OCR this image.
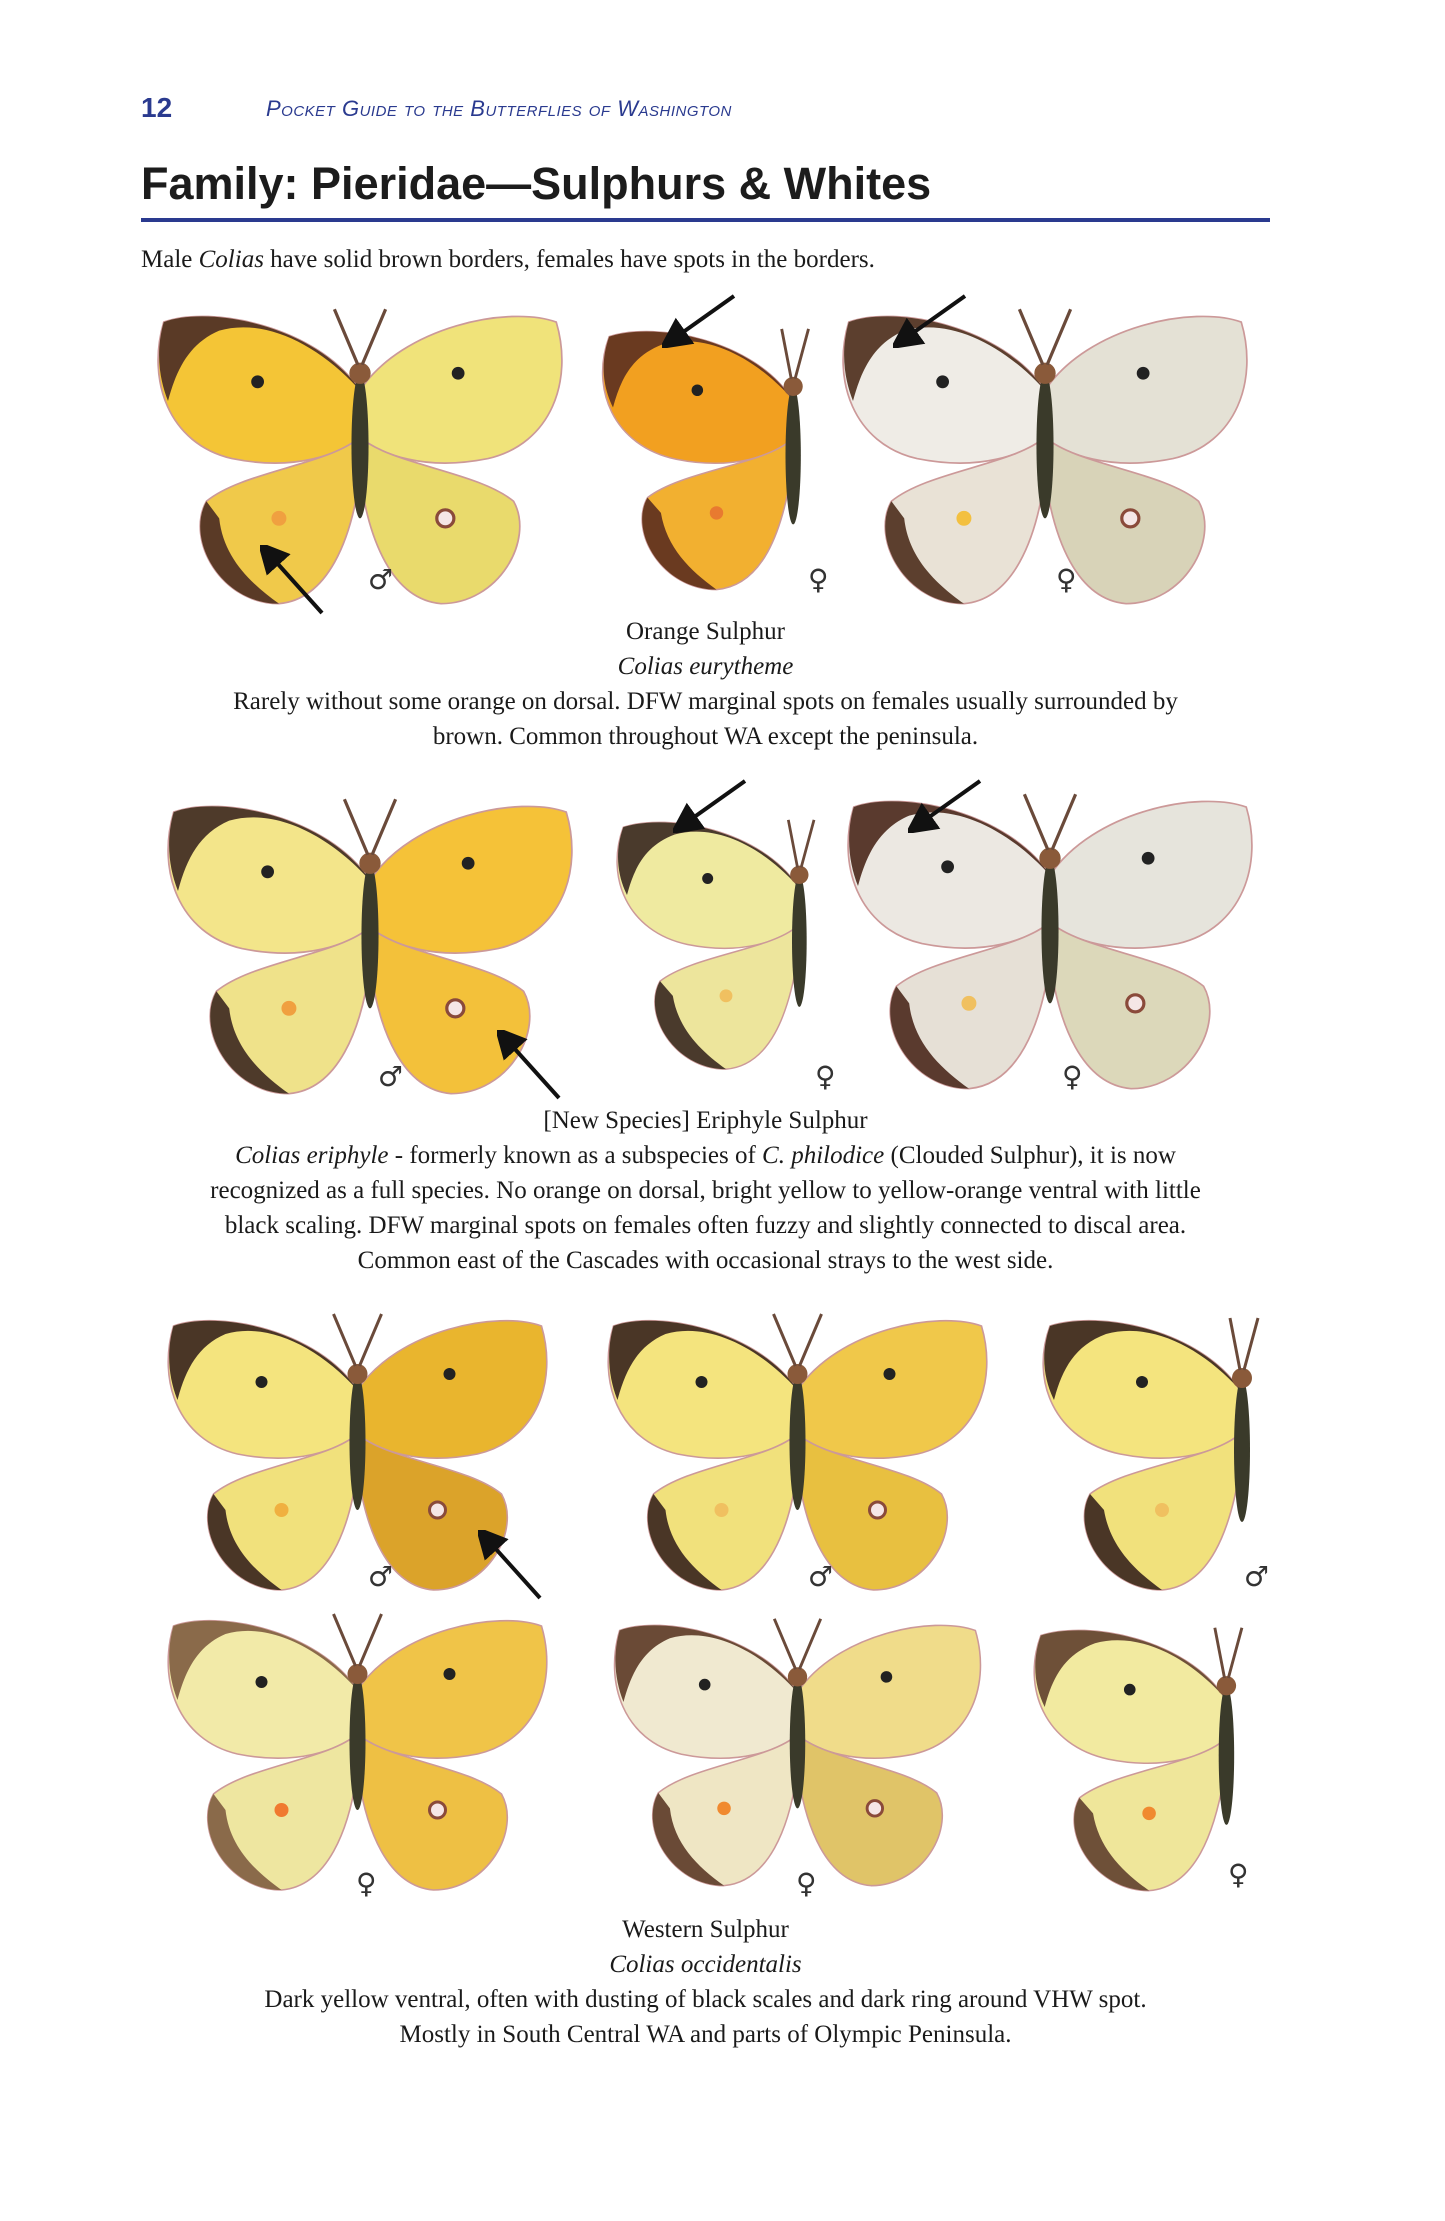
12	Pocket Guide to the Butterflies of Washington
Family: Pieridae—Sulphurs & Whites
Male Colias have solid brown borders, females have spots in the borders.
♂	♀	♀
Orange Sulphur
Colias eurytheme
Rarely without some orange on dorsal. DFW marginal spots on females usually surrounded by
brown. Common throughout WA except the peninsula.
♂	♀	♀
[New Species] Eriphyle Sulphur
Colias eriphyle - formerly known as a subspecies of C. philodice (Clouded Sulphur), it is now
recognized as a full species. No orange on dorsal, bright yellow to yellow-orange ventral with little
black scaling. DFW marginal spots on females often fuzzy and slightly connected to discal area.
Common east of the Cascades with occasional strays to the west side.
♂	♂	♂
♀	♀	♀
Western Sulphur
Colias occidentalis
Dark yellow ventral, often with dusting of black scales and dark ring around VHW spot.
Mostly in South Central WA and parts of Olympic Peninsula.
